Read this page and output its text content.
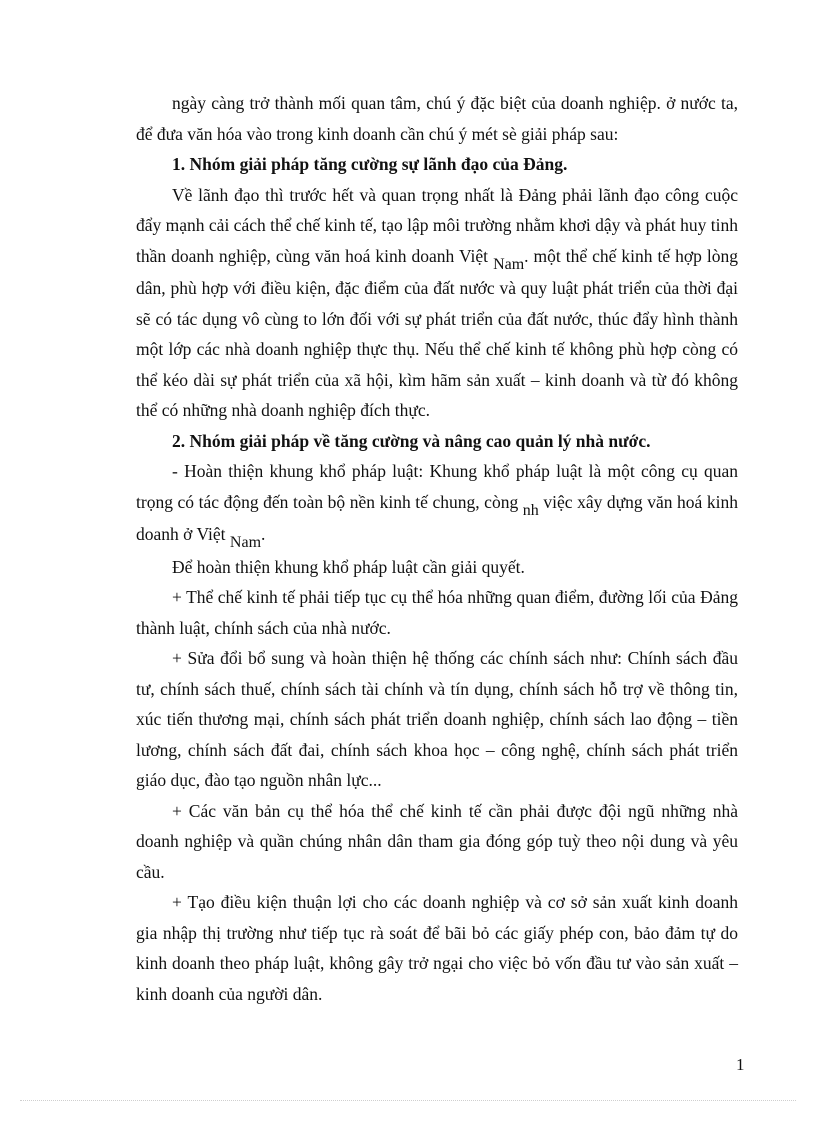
ngày càng trở thành mối quan tâm, chú ý đặc biệt của doanh nghiệp. ở nước ta, để đưa văn hóa vào trong kinh doanh cần chú ý mét sè giải pháp sau:

1. Nhóm giải pháp tăng cường sự lãnh đạo của Đảng.

Về lãnh đạo thì trước hết và quan trọng nhất là Đảng phải lãnh đạo công cuộc đẩy mạnh cải cách thể chế kinh tế, tạo lập môi trường nhằm khơi dậy và phát huy tinh thần doanh nghiệp, cùng văn hoá kinh doanh Việt Nam. một thể chế kinh tế hợp lòng dân, phù hợp với điều kiện, đặc điểm của đất nước và quy luật phát triển của thời đại sẽ có tác dụng vô cùng to lớn đối với sự phát triển của đất nước, thúc đẩy hình thành một lớp các nhà doanh nghiệp thực thụ. Nếu thể chế kinh tế không phù hợp còng có thể kéo dài sự phát triển của xã hội, kìm hãm sản xuất – kinh doanh và từ đó không thể có những nhà doanh nghiệp đích thực.

2. Nhóm giải pháp về tăng cường và nâng cao quản lý nhà nước.

- Hoàn thiện khung khổ pháp luật: Khung khổ pháp luật là một công cụ quan trọng có tác động đến toàn bộ nền kinh tế chung, còng nh việc xây dựng văn hoá kinh doanh ở Việt Nam.

Để hoàn thiện khung khổ pháp luật cần giải quyết.

+ Thể chế kinh tế phải tiếp tục cụ thể hóa những quan điểm, đường lối của Đảng thành luật, chính sách của nhà nước.

+ Sửa đổi bổ sung và hoàn thiện hệ thống các chính sách như: Chính sách đầu tư, chính sách thuế, chính sách tài chính và tín dụng, chính sách hỗ trợ về thông tin, xúc tiến thương mại, chính sách phát triển doanh nghiệp, chính sách lao động – tiền lương, chính sách đất đai, chính sách khoa học – công nghệ, chính sách phát triển giáo dục, đào tạo nguồn nhân lực...

+ Các văn bản cụ thể hóa thể chế kinh tế cần phải được đội ngũ những nhà doanh nghiệp và quần chúng nhân dân tham gia đóng góp tuỳ theo nội dung và yêu cầu.

+ Tạo điều kiện thuận lợi cho các doanh nghiệp và cơ sở sản xuất kinh doanh gia nhập thị trường như tiếp tục rà soát để bãi bỏ các giấy phép con, bảo đảm tự do kinh doanh theo pháp luật, không gây trở ngại cho việc bỏ vốn đầu tư vào sản xuất – kinh doanh của người dân.

1
